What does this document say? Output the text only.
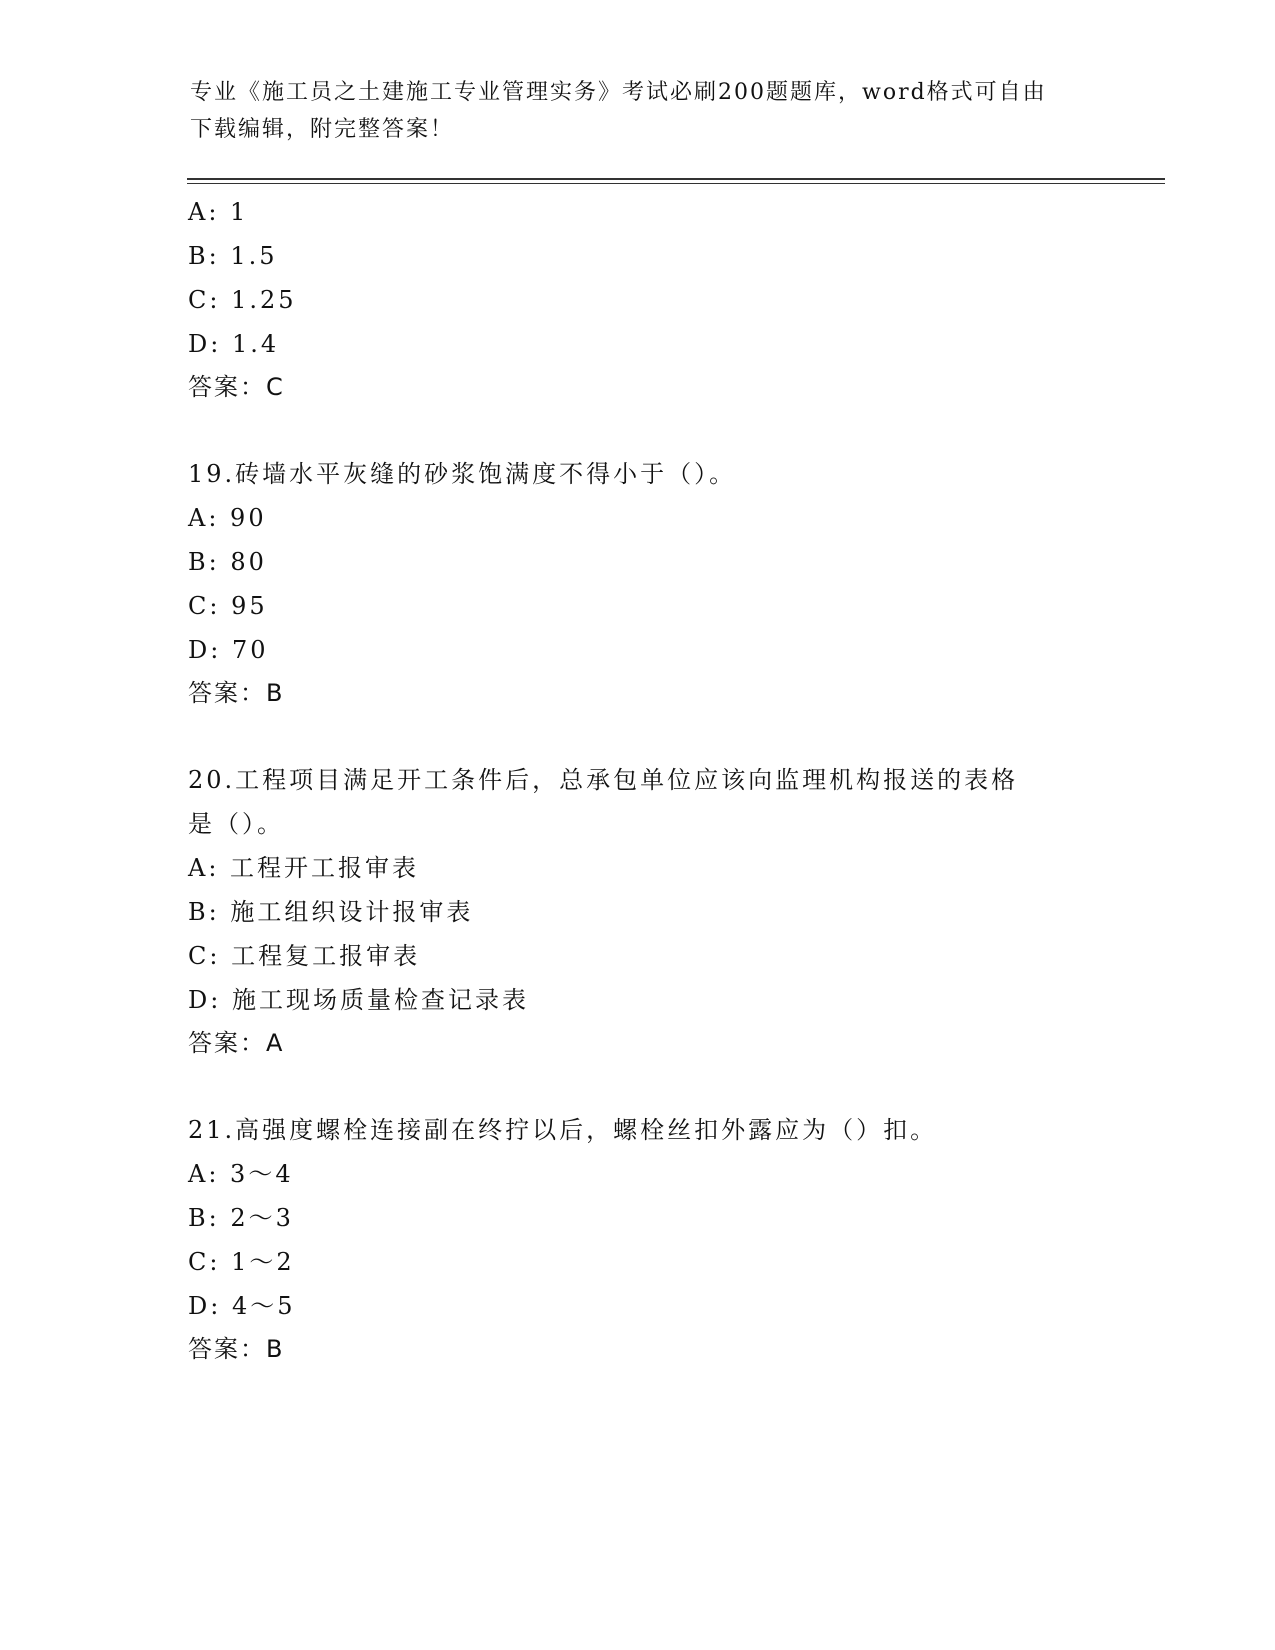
专业《施工员之土建施工专业管理实务》考试必刷200题题库，word格式可自由
下载编辑，附完整答案！
A: 1
B: 1.5
C: 1.25
D: 1.4
答案：C
19.砖墙水平灰缝的砂浆饱满度不得小于（）。
A: 90
B: 80
C: 95
D: 70
答案：B
20.工程项目满足开工条件后，总承包单位应该向监理机构报送的表格
是（）。
A: 工程开工报审表
B: 施工组织设计报审表
C: 工程复工报审表
D: 施工现场质量检查记录表
答案：A
21.高强度螺栓连接副在终拧以后，螺栓丝扣外露应为（）扣。
A: 3～4
B: 2～3
C: 1～2
D: 4～5
答案：B
